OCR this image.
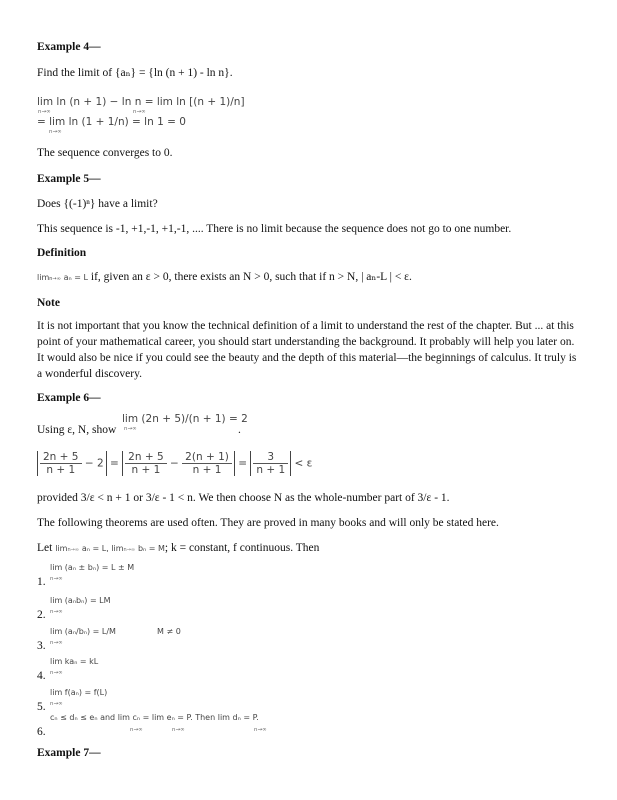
Example 4—
Find the limit of {aₙ} = {ln (n + 1) - ln n}.
lim ln (n + 1) − ln n = lim ln [(n + 1)/n]
n→∞	n→∞
= lim ln (1 + 1/n) = ln 1 = 0
n→∞
The sequence converges to 0.
Example 5—
Does {(-1)ⁿ} have a limit?
This sequence is -1, +1,-1, +1,-1, .... There is no limit because the sequence does not go to one number.
Definition
limn→∞ aₙ = L if, given an ε > 0, there exists an N > 0, such that if n > N, | aₙ-L | < ε.
Note
It is not important that you know the technical definition of a limit to understand the rest of the chapter. But ... at this point of your mathematical career, you should start understanding the background. It probably will help you later on. It would also be nice if you could see the beauty and the depth of this material—the beginnings of calculus. It truly is a wonderful discovery.
Example 6—
lim (2n + 5)/(n + 1) = 2
Using ε, N, show n→∞	.
$\frac{2n + 5}{n + 1} - 2 = \frac{2n + 5}{n + 1} - \frac{2(n + 1)}{n + 1} = \frac{3}{n + 1} < \varepsilon$
provided 3/ε < n + 1 or 3/ε - 1 < n. We then choose N as the whole-number part of 3/ε - 1.
The following theorems are used often. They are proved in many books and will only be stated here.
Let limn→∞ aₙ = L, limn→∞ bₙ = M; k = constant, f continuous. Then
1.
lim (aₙ ± bₙ) = L ± M
n→∞
2.
lim (aₙbₙ) = LM
n→∞
3.
lim (aₙ/bₙ) = L/M
n→∞
M ≠ 0
4.
lim kaₙ = kL
n→∞
5.
lim f(aₙ) = f(L)
n→∞
6.
cₙ ≤ dₙ ≤ eₙ and lim cₙ = lim eₙ = P. Then lim dₙ = P.
n→∞	n→∞	n→∞
Example 7—
